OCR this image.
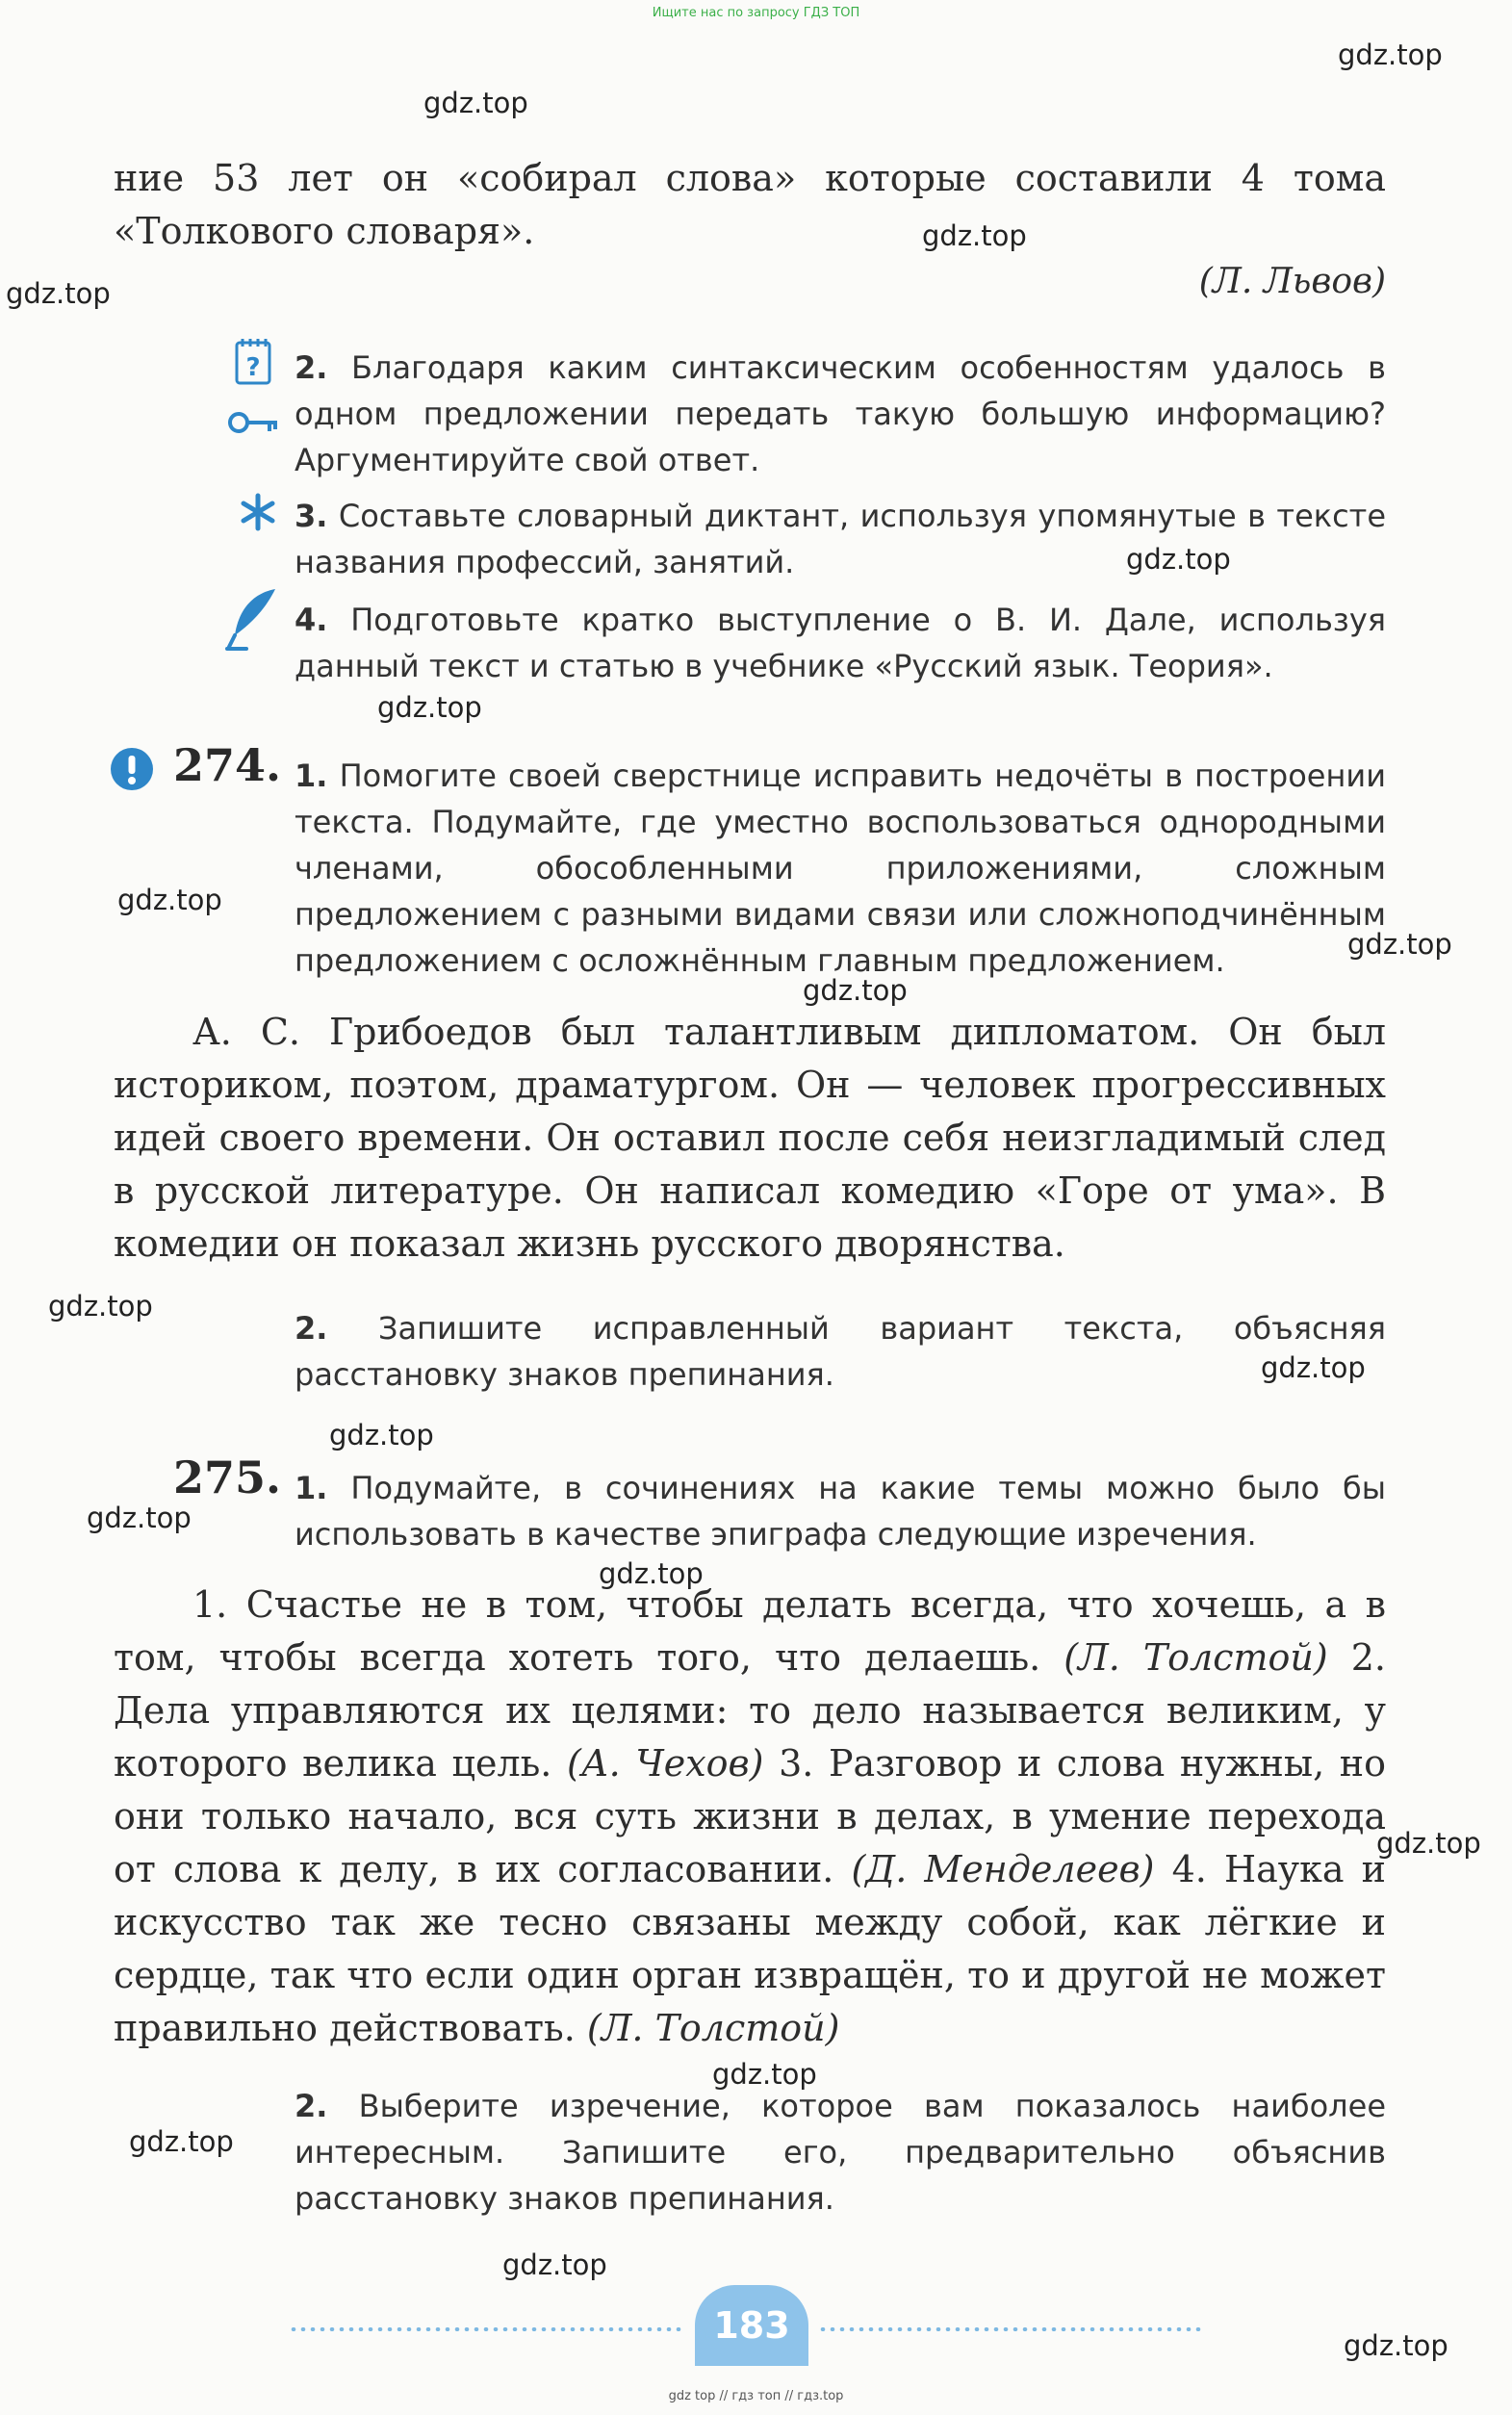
Ищите нас по запросу ГДЗ ТОП
ние 53 лет он «собирал слова» которые составили 4 тома
«Толкового словаря».
(Л. Львов)
? 2. Благодаря каким синтаксическим особенностям удалось в одном предложении передать такую большую информацию? Аргументируйте свой ответ.
3. Составьте словарный диктант, используя упомянутые в тексте названия профессий, занятий.
4. Подготовьте кратко выступление о В. И. Дале, используя данный текст и статью в учебнике «Русский язык. Теория».
274. 1. Помогите своей сверстнице исправить недочёты в построении текста. Подумайте, где уместно воспользоваться однородными членами, обособленными приложениями, сложным предложением с разными видами связи или сложноподчинённым предложением с осложнённым главным предложением.
А. С. Грибоедов был талантливым дипломатом. Он был историком, поэтом, драматургом. Он — человек прогрессивных идей своего времени. Он оставил после себя неизгладимый след в русской литературе. Он написал комедию «Горе от ума». В комедии он показал жизнь русского дворянства.
2. Запишите исправленный вариант текста, объясняя расстановку знаков препинания.
275. 1. Подумайте, в сочинениях на какие темы можно было бы использовать в качестве эпиграфа следующие изречения.
1. Счастье не в том, чтобы делать всегда, что хочешь, а в том, чтобы всегда хотеть того, что делаешь. (Л. Толстой) 2. Дела управляются их целями: то дело называется великим, у которого велика цель. (А. Чехов) 3. Разговор и слова нужны, но они только начало, вся суть жизни в делах, в умение перехода от слова к делу, в их согласовании. (Д. Менделеев) 4. Наука и искусство так же тесно связаны между собой, как лёгкие и сердце, так что если один орган извращён, то и другой не может правильно действовать. (Л. Толстой)
2. Выберите изречение, которое вам показалось наиболее интересным. Запишите его, предварительно объяснив расстановку знаков препинания.
183
gdz.top
gdz.top
gdz.top
gdz.top
gdz.top
gdz.top
gdz.top
gdz.top
gdz.top
gdz.top
gdz.top
gdz.top
gdz.top
gdz.top
gdz.top
gdz.top
gdz.top
gdz.top
gdz.top
gdz top // гдз топ // гдз.top
